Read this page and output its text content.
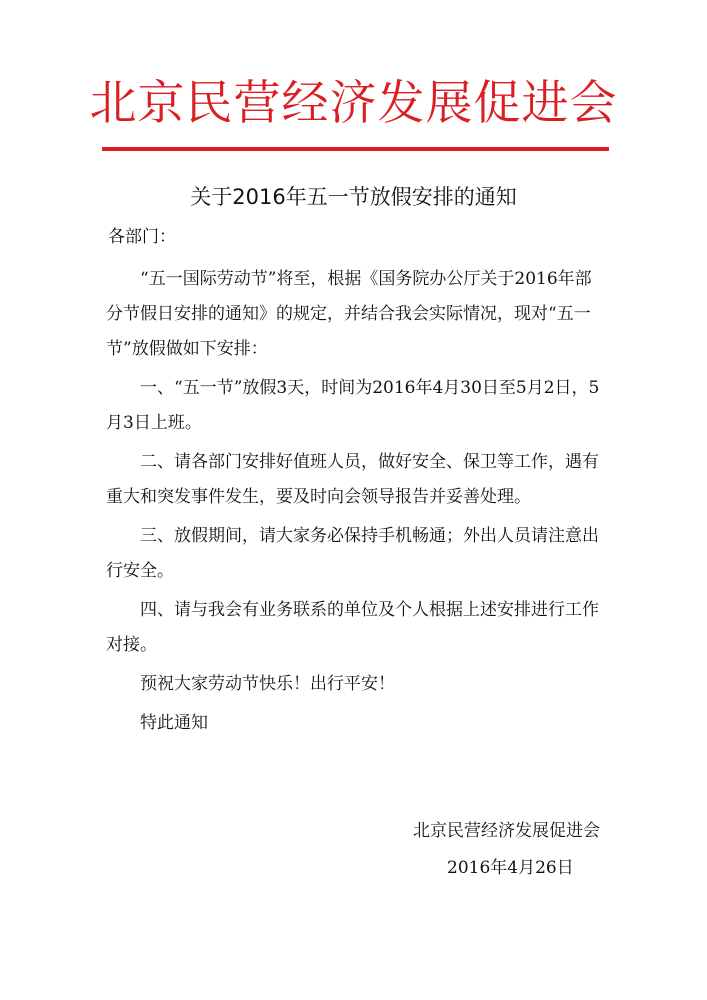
北京民营经济发展促进会
关于2016年五一节放假安排的通知
各部门：

“五一国际劳动节”将至，根据《国务院办公厅关于2016年部分节假日安排的通知》的规定，并结合我会实际情况，现对“五一节”放假做如下安排：

一、“五一节”放假3天，时间为2016年4月30日至5月2日，5月3日上班。

二、请各部门安排好值班人员，做好安全、保卫等工作，遇有重大和突发事件发生，要及时向会领导报告并妥善处理。

三、放假期间，请大家务必保持手机畅通；外出人员请注意出行安全。

四、请与我会有业务联系的单位及个人根据上述安排进行工作对接。

预祝大家劳动节快乐！出行平安！

特此通知

北京民营经济发展促进会
2016年4月26日
